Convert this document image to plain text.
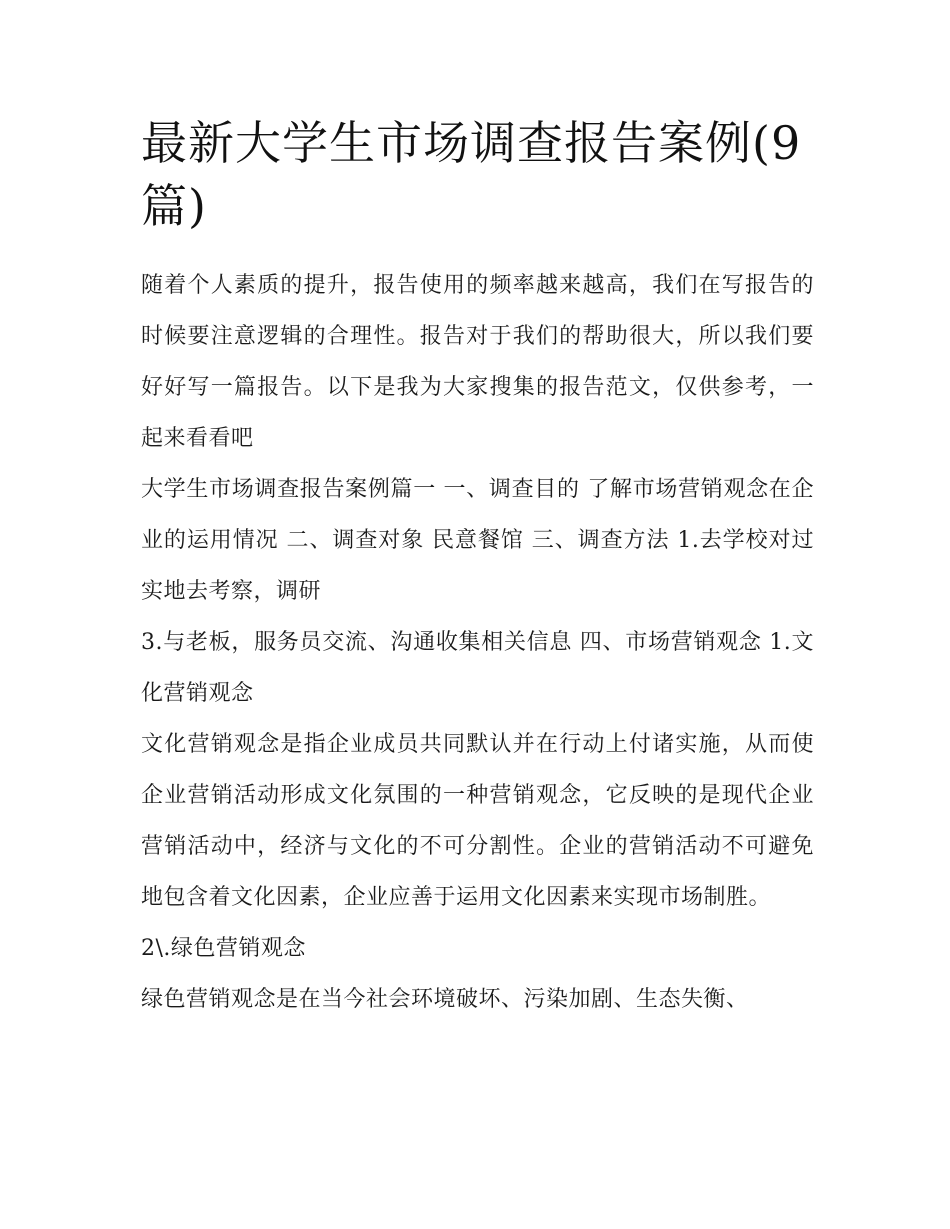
最新大学生市场调查报告案例(9篇)

随着个人素质的提升，报告使用的频率越来越高，我们在写报告的时候要注意逻辑的合理性。报告对于我们的帮助很大，所以我们要好好写一篇报告。以下是我为大家搜集的报告范文，仅供参考，一起来看看吧

大学生市场调查报告案例篇一 一、调查目的 了解市场营销观念在企业的运用情况 二、调查对象 民意餐馆 三、调查方法 1.去学校对过实地去考察，调研

3.与老板，服务员交流、沟通收集相关信息 四、市场营销观念 1.文化营销观念

文化营销观念是指企业成员共同默认并在行动上付诸实施，从而使企业营销活动形成文化氛围的一种营销观念，它反映的是现代企业营销活动中，经济与文化的不可分割性。企业的营销活动不可避免地包含着文化因素，企业应善于运用文化因素来实现市场制胜。

2\.绿色营销观念

绿色营销观念是在当今社会环境破坏、污染加剧、生态失衡、
